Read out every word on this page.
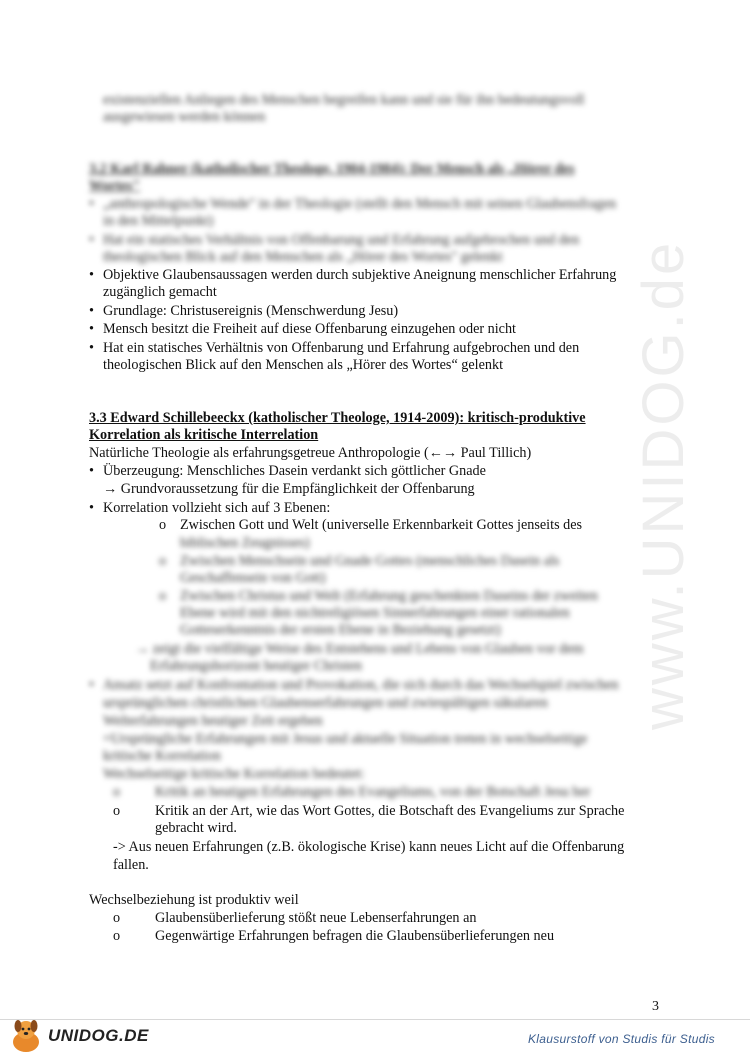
www.UNIDOG.de
existenziellen Anliegen des Menschen begreifen kann und sie für ihn bedeutungsvoll
ausgewiesen werden können
3.2 Karl Rahner (katholischer Theologe, 1904-1984): Der Mensch als „Hörer des
Wortes"
• „anthropologische Wende" in der Theologie (stellt den Mensch mit seinen Glaubensfragen
in den Mittelpunkt)
• Hat ein statisches Verhältnis von Offenbarung und Erfahrung aufgebrochen und den
theologischen Blick auf den Menschen als „Hörer des Wortes" gelenkt
• Objektive Glaubensaussagen werden durch subjektive Aneignung menschlicher Erfahrung
zugänglich gemacht
• Grundlage: Christusereignis (Menschwerdung Jesu)
• Mensch besitzt die Freiheit auf diese Offenbarung einzugehen oder nicht
• Hat ein statisches Verhältnis von Offenbarung und Erfahrung aufgebrochen und den
theologischen Blick auf den Menschen als „Hörer des Wortes“ gelenkt
3.3 Edward Schillebeeckx (katholischer Theologe, 1914-2009): kritisch-produktive
Korrelation als kritische Interrelation
Natürliche Theologie als erfahrungsgetreue Anthropologie (←→ Paul Tillich)
• Überzeugung: Menschliches Dasein verdankt sich göttlicher Gnade
→ Grundvoraussetzung für die Empfänglichkeit der Offenbarung
• Korrelation vollzieht sich auf 3 Ebenen:
o Zwischen Gott und Welt (universelle Erkennbarkeit Gottes jenseits des
biblischen Zeugnisses)
o Zwischen Menschsein und Gnade Gottes (menschliches Dasein als
Geschaffensein von Gott)
o Zwischen Christus und Welt (Erfahrung geschenkten Daseins der zweiten
Ebene wird mit den nichtreligiösen Sinnerfahrungen einer rationalen
Gotteserkenntnis der ersten Ebene in Beziehung gesetzt)
→ zeigt die vielfältige Weise des Entstehens und Lebens von Glauben vor dem
Erfahrungshorizont heutiger Christen
• Ansatz setzt auf Konfrontation und Provokation, die sich durch das Wechselspiel zwischen
ursprünglichen christlichen Glaubenserfahrungen und zwiespältigen säkularen
Welterfahrungen heutiger Zeit ergeben
=Ursprüngliche Erfahrungen mit Jesus und aktuelle Situation treten in wechselseitige
kritische Korrelation
Wechselseitige kritische Korrelation bedeutet:
o Kritik an heutigen Erfahrungen des Evangeliums, von der Botschaft Jesu her
o Kritik an der Art, wie das Wort Gottes, die Botschaft des Evangeliums zur Sprache
gebracht wird.
-> Aus neuen Erfahrungen (z.B. ökologische Krise) kann neues Licht auf die Offenbarung
fallen.
Wechselbeziehung ist produktiv weil
o Glaubensüberlieferung stößt neue Lebenserfahrungen an
o Gegenwärtige Erfahrungen befragen die Glaubensüberlieferungen neu
3
UNIDOG.DE	Klausurstoff von Studis für Studis
